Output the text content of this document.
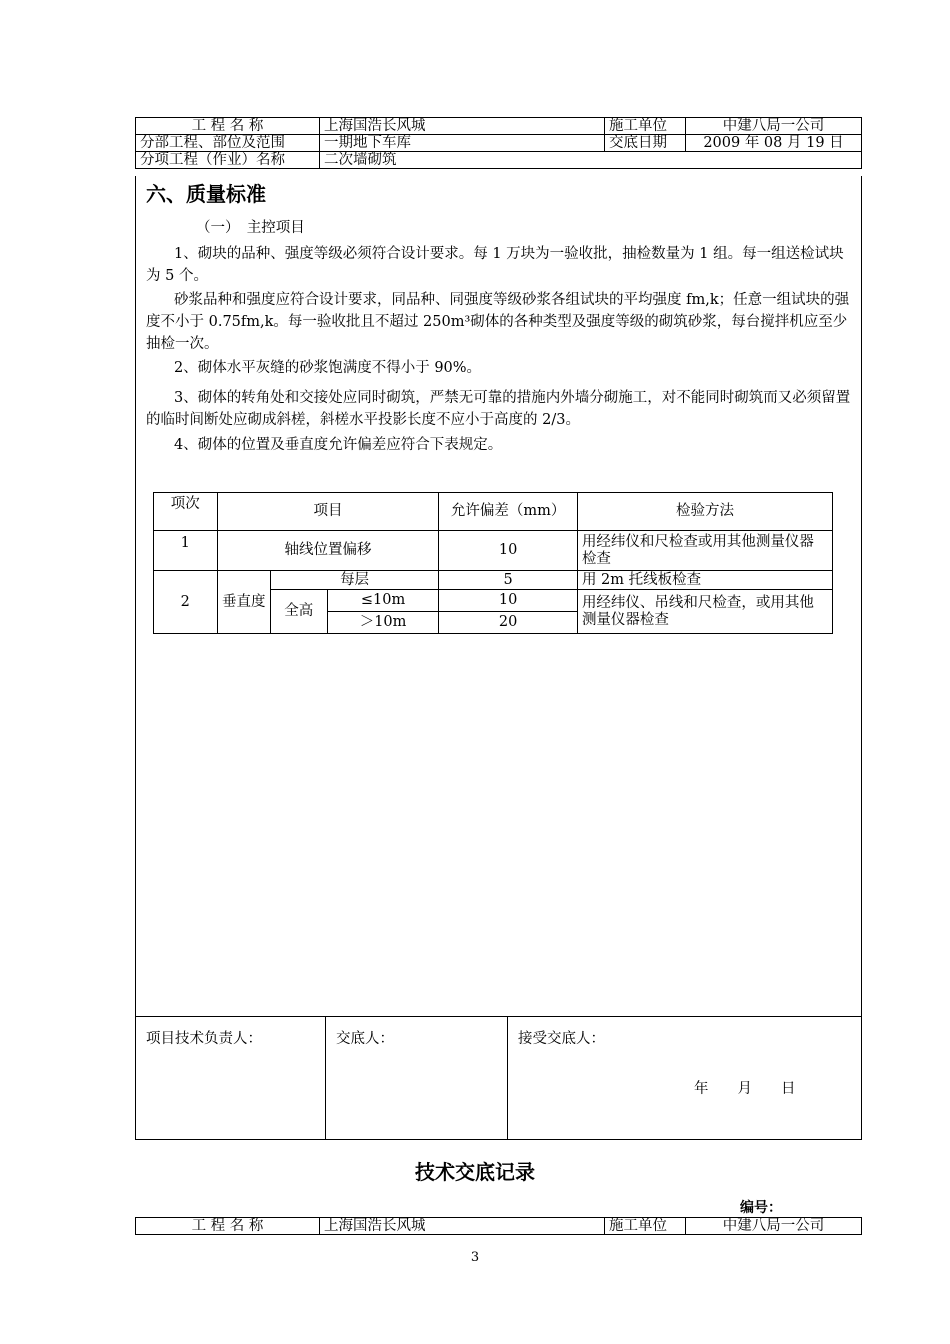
工 程 名 称	上海国浩长风城	施工单位	中建八局一公司
分部工程、部位及范围	一期地下车库	交底日期	2009 年 08 月 19 日
分项工程（作业）名称	二次墙砌筑		
六、质量标准
（一）　主控项目
1、砌块的品种、强度等级必须符合设计要求。每 1 万块为一验收批，抽检数量为 1 组。每一组送检试块为 5 个。
砂浆品种和强度应符合设计要求，同品种、同强度等级砂浆各组试块的平均强度 fm,k；任意一组试块的强度不小于 0.75fm,k。每一验收批且不超过 250m³砌体的各种类型及强度等级的砌筑砂浆，每台搅拌机应至少抽检一次。
2、砌体水平灰缝的砂浆饱满度不得小于 90%。
3、砌体的转角处和交接处应同时砌筑，严禁无可靠的措施内外墙分砌施工，对不能同时砌筑而又必须留置的临时间断处应砌成斜槎，斜槎水平投影长度不应小于高度的 2/3。
4、砌体的位置及垂直度允许偏差应符合下表规定。
项次	项目			允许偏差（mm）	检验方法
1	轴线位置偏移			10	用经纬仪和尺检查或用其他测量仪器检查
2	垂直度	每层		5	用 2m 托线板检查
		全高	≤10m	10	用经纬仪、吊线和尺检查，或用其他测量仪器检查
			＞10m	20	
项目技术负责人：	交底人：	接受交底人：
年　　月　　日
技术交底记录
编号：
工 程 名 称	上海国浩长风城	施工单位	中建八局一公司
3
